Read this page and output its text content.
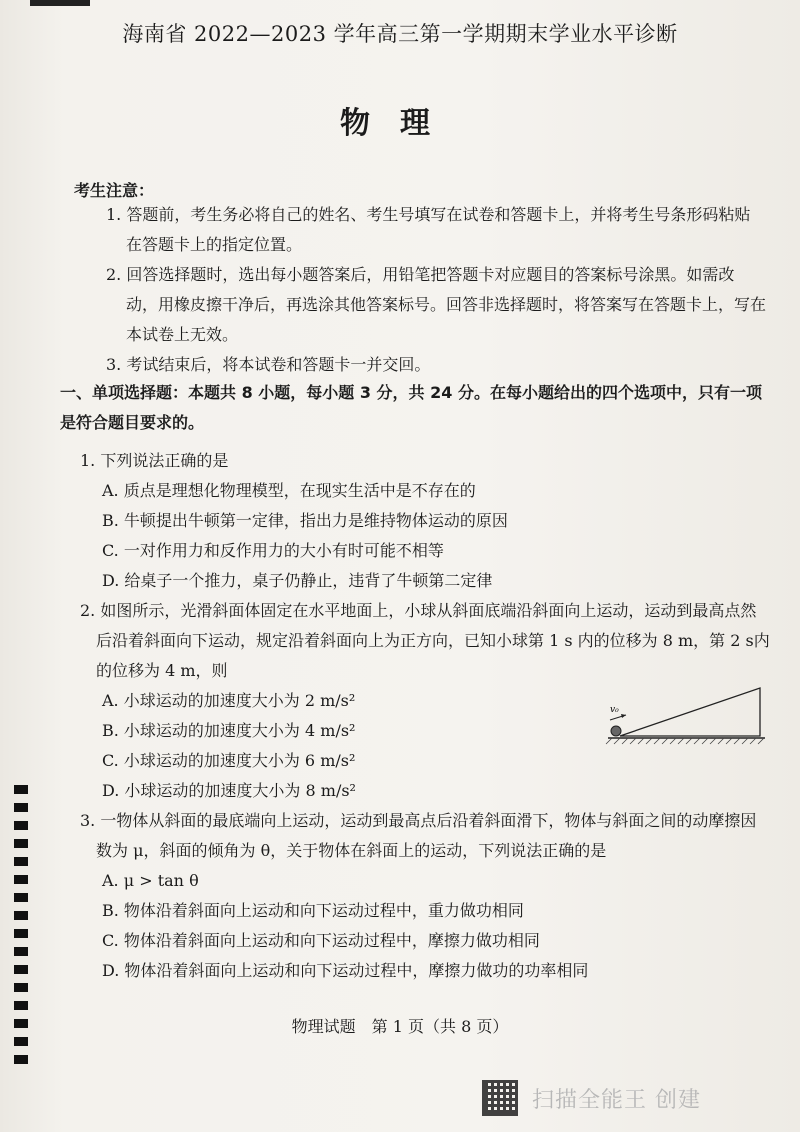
海南省 2022—2023 学年高三第一学期期末学业水平诊断
物理
考生注意：
1. 答题前，考生务必将自己的姓名、考生号填写在试卷和答题卡上，并将考生号条形码粘贴在答题卡上的指定位置。
2. 回答选择题时，选出每小题答案后，用铅笔把答题卡对应题目的答案标号涂黑。如需改动，用橡皮擦干净后，再选涂其他答案标号。回答非选择题时，将答案写在答题卡上，写在本试卷上无效。
3. 考试结束后，将本试卷和答题卡一并交回。
一、单项选择题：本题共 8 小题，每小题 3 分，共 24 分。在每小题给出的四个选项中，只有一项是符合题目要求的。
1. 下列说法正确的是
A. 质点是理想化物理模型，在现实生活中是不存在的
B. 牛顿提出牛顿第一定律，指出力是维持物体运动的原因
C. 一对作用力和反作用力的大小有时可能不相等
D. 给桌子一个推力，桌子仍静止，违背了牛顿第二定律
2. 如图所示，光滑斜面体固定在水平地面上，小球从斜面底端沿斜面向上运动，运动到最高点然后沿着斜面向下运动，规定沿着斜面向上为正方向，已知小球第 1 s 内的位移为 8 m，第 2 s内的位移为 4 m，则
A. 小球运动的加速度大小为 2 m/s²
B. 小球运动的加速度大小为 4 m/s²
C. 小球运动的加速度大小为 6 m/s²
D. 小球运动的加速度大小为 8 m/s²
v₀
3. 一物体从斜面的最底端向上运动，运动到最高点后沿着斜面滑下，物体与斜面之间的动摩擦因数为 μ，斜面的倾角为 θ，关于物体在斜面上的运动，下列说法正确的是
A. μ > tan θ
B. 物体沿着斜面向上运动和向下运动过程中，重力做功相同
C. 物体沿着斜面向上运动和向下运动过程中，摩擦力做功相同
D. 物体沿着斜面向上运动和向下运动过程中，摩擦力做功的功率相同
物理试题　第 1 页（共 8 页）
扫描全能王 创建
